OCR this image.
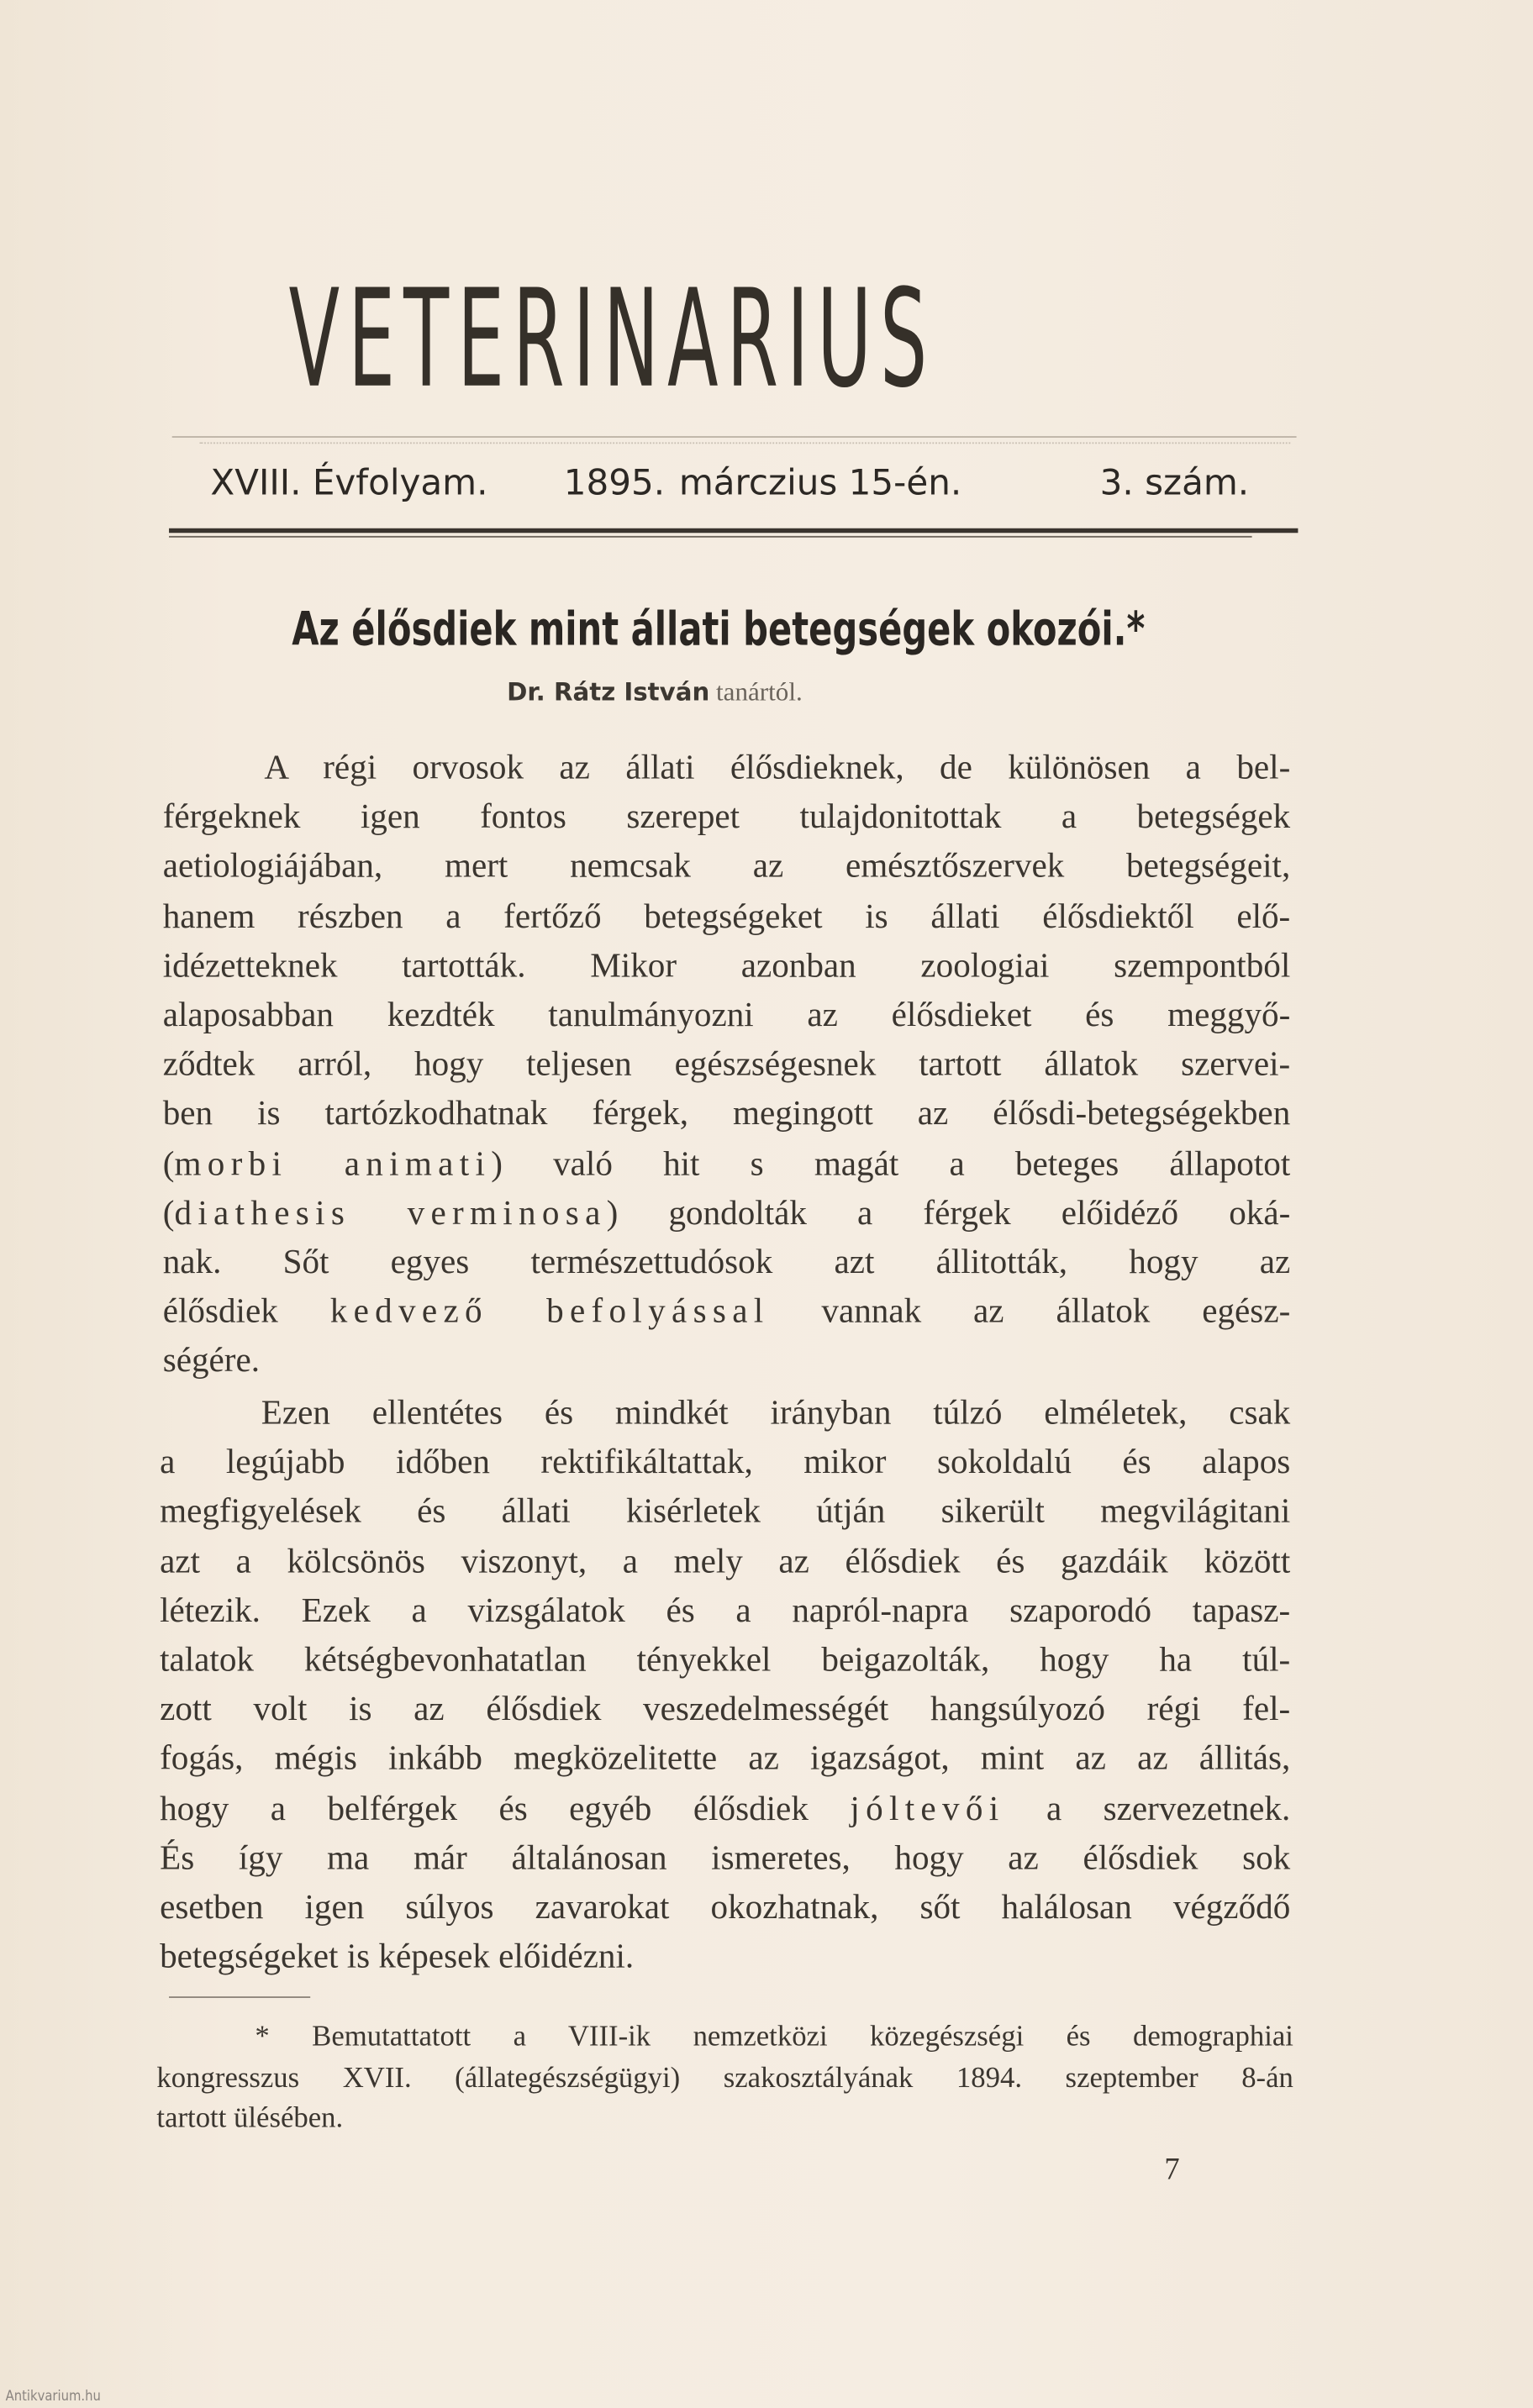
VETERINARIUS
XVIII. Évfolyam.	1895. márczius 15-én.	3. szám.
Az élősdiek mint állati betegségek okozói.*
Dr. Rátz István tanártól.
A régi orvosok az állati élősdieknek, de különösen a bel-
férgeknek igen fontos szerepet tulajdonitottak a betegségek
aetiologiájában, mert nemcsak az emésztőszervek betegségeit,
hanem részben a fertőző betegségeket is állati élősdiektől elő-
idézetteknek tartották. Mikor azonban zoologiai szempontból
alaposabban kezdték tanulmányozni az élősdieket és meggyő-
ződtek arról, hogy teljesen egészségesnek tartott állatok szervei-
ben is tartózkodhatnak férgek, megingott az élősdi-betegségekben
(morbi animati) való hit s magát a beteges állapotot
(diathesis verminosa) gondolták a férgek előidéző oká-
nak. Sőt egyes természettudósok azt állitották, hogy az
élősdiek kedvező befolyással vannak az állatok egész-
ségére.
Ezen ellentétes és mindkét irányban túlzó elméletek, csak
a legújabb időben rektifikáltattak, mikor sokoldalú és alapos
megfigyelések és állati kisérletek útján sikerült megvilágitani
azt a kölcsönös viszonyt, a mely az élősdiek és gazdáik között
létezik. Ezek a vizsgálatok és a napról-napra szaporodó tapasz-
talatok kétségbevonhatatlan tényekkel beigazolták, hogy ha túl-
zott volt is az élősdiek veszedelmességét hangsúlyozó régi fel-
fogás, mégis inkább megközelitette az igazságot, mint az az állitás,
hogy a belférgek és egyéb élősdiek jóltevői a szervezetnek.
És így ma már általánosan ismeretes, hogy az élősdiek sok
esetben igen súlyos zavarokat okozhatnak, sőt halálosan végződő
betegségeket is képesek előidézni.
* Bemutattatott a VIII-ik nemzetközi közegészségi és demographiai
kongresszus XVII. (állategészségügyi) szakosztályának 1894. szeptember 8-án
tartott ülésében.
7
Antikvarium.hu
